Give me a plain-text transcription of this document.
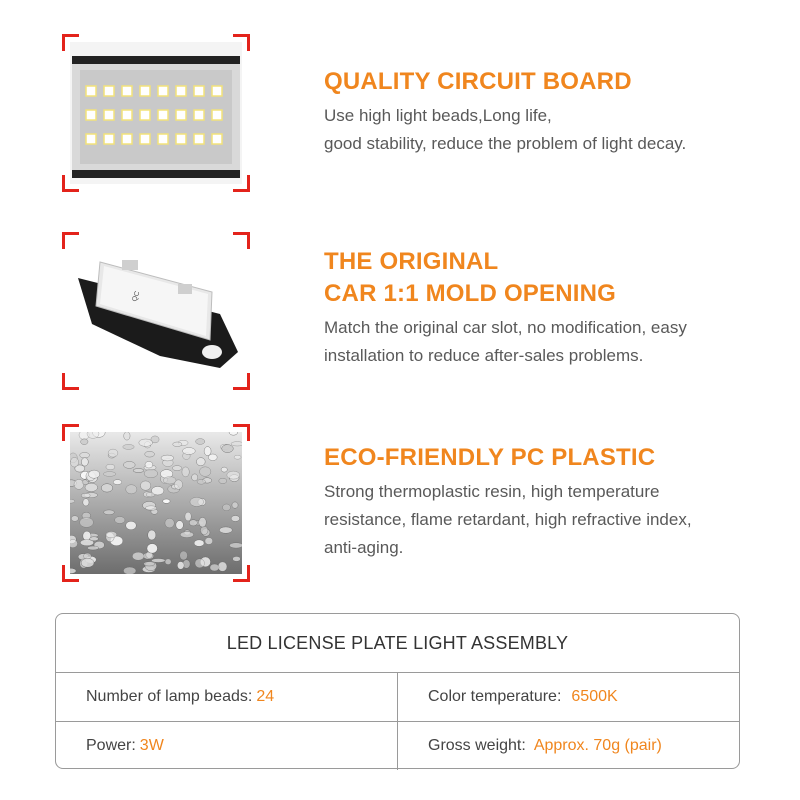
QUALITY CIRCUIT BOARD
Use high light beads,Long life,
good stability, reduce the problem of light decay.
QC
THE ORIGINAL
CAR 1:1 MOLD OPENING
Match the original car slot, no modification, easy
installation to reduce after-sales problems.
ECO-FRIENDLY PC PLASTIC
Strong thermoplastic resin, high temperature
resistance, flame retardant, high refractive index,
anti-aging.
LED LICENSE PLATE LIGHT ASSEMBLY
Number of lamp beads: 24	Color temperature: 6500K
Power: 3W	Gross weight: Approx. 70g (pair)
